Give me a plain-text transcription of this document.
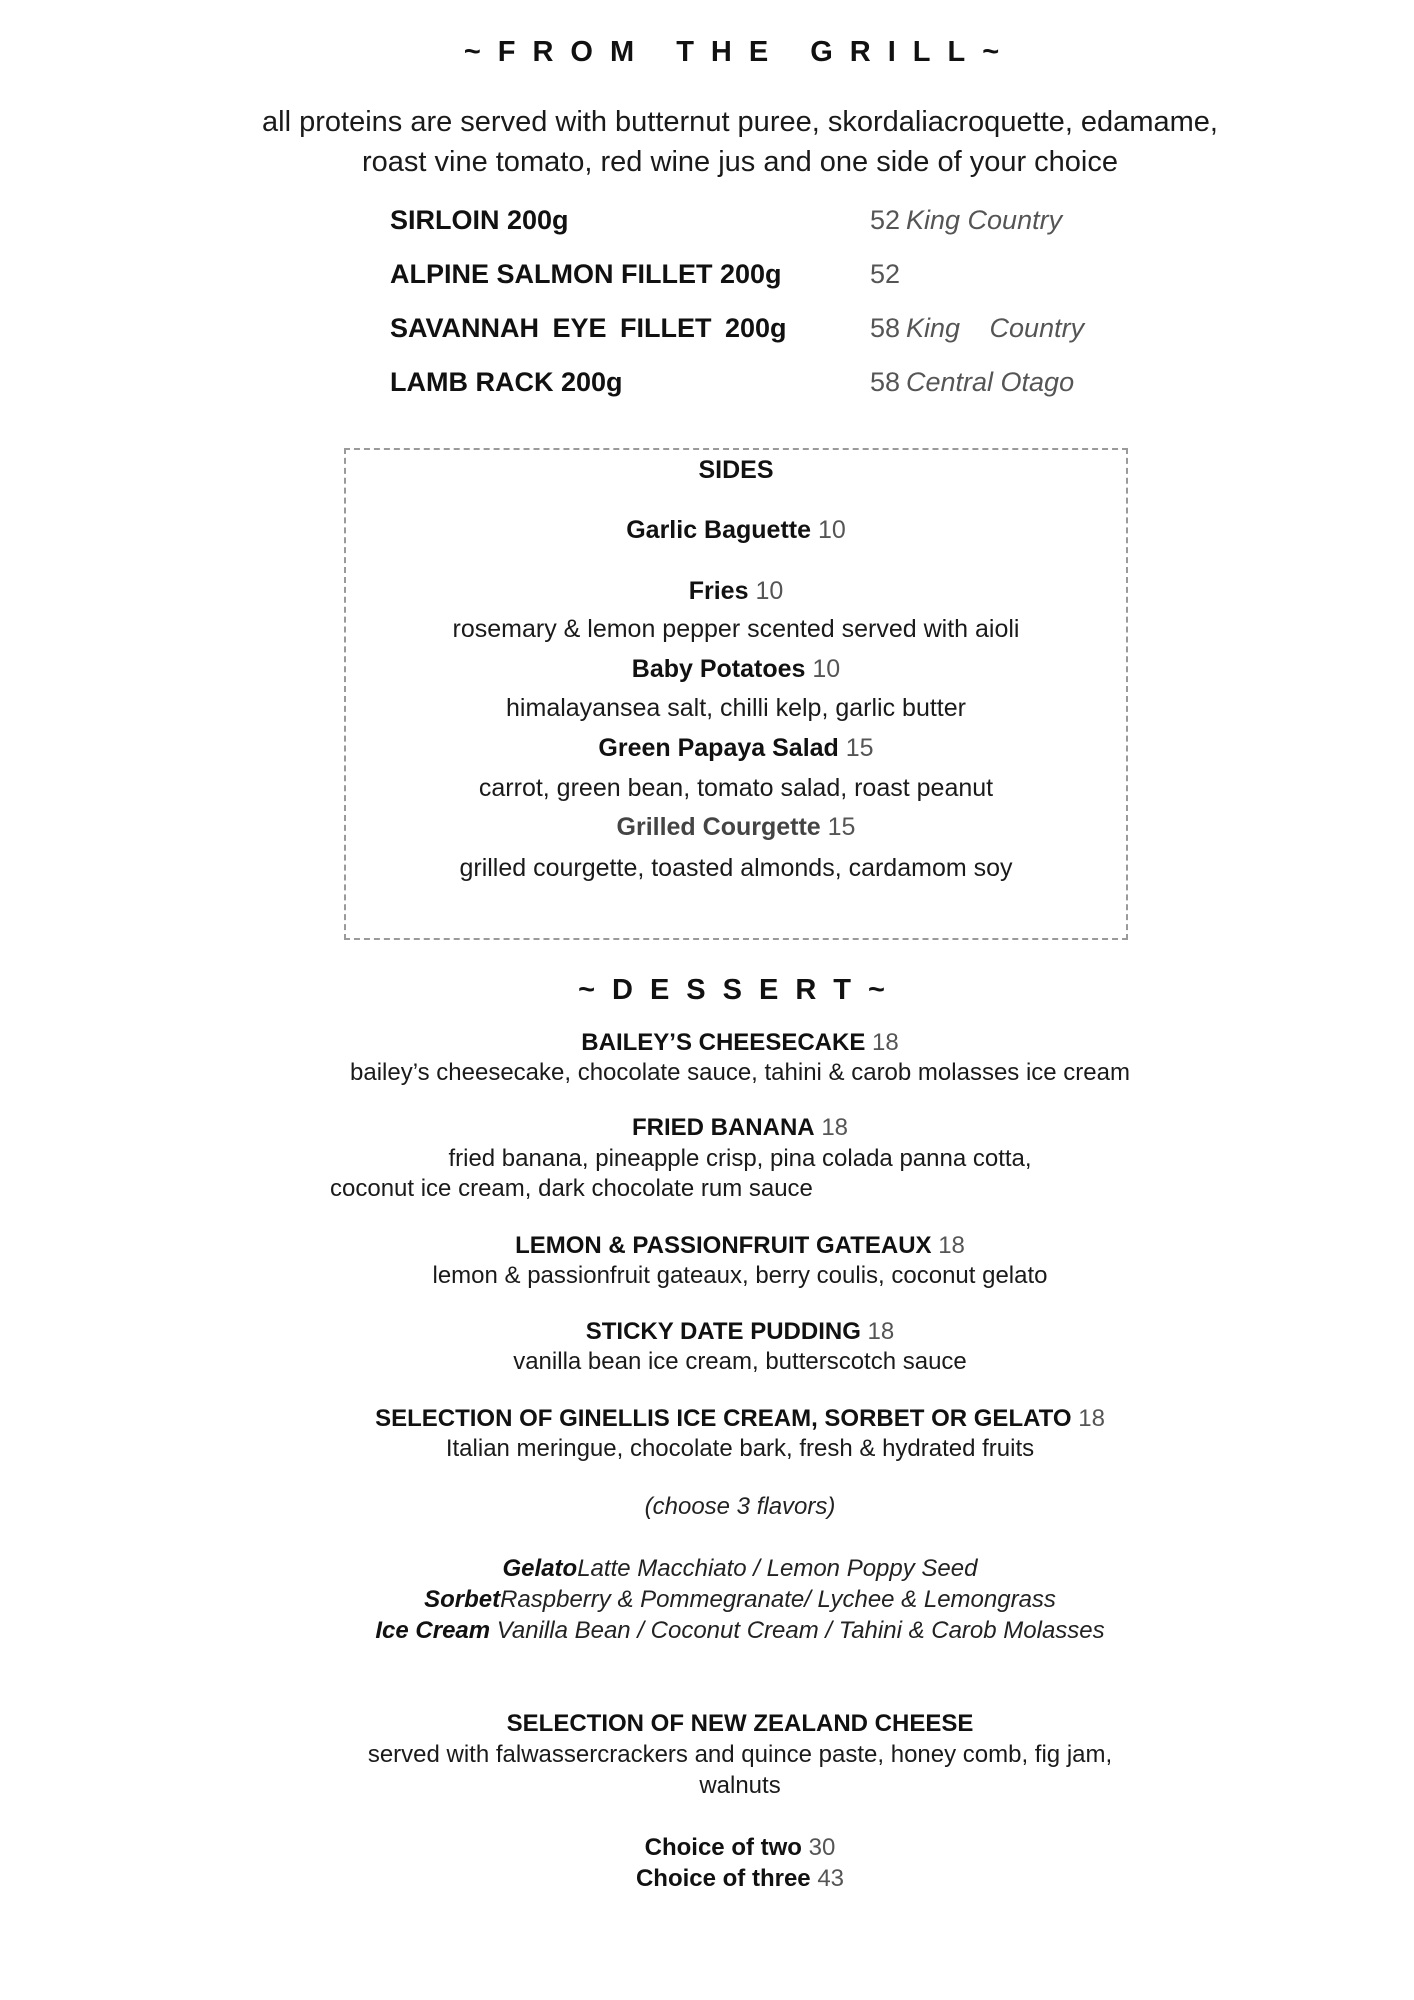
~FROM THE GRILL~
all proteins are served with butternut puree, skordaliacroquette, edamame,
roast vine tomato, red wine jus and one side of your choice
SIRLOIN 200g	52 King Country
ALPINE SALMON FILLET 200g	52
SAVANNAH EYE FILLET 200g	58 King Country
LAMB RACK 200g	58 Central Otago
SIDES
Garlic Baguette 10
Fries 10
rosemary & lemon pepper scented served with aioli
Baby Potatoes 10
himalayansea salt, chilli kelp, garlic butter
Green Papaya Salad 15
carrot, green bean, tomato salad, roast peanut
Grilled Courgette 15
grilled courgette, toasted almonds, cardamom soy
~DESSERT~
BAILEY’S CHEESECAKE 18
bailey’s cheesecake, chocolate sauce, tahini & carob molasses ice cream
FRIED BANANA 18
fried banana, pineapple crisp, pina colada panna cotta,
coconut ice cream, dark chocolate rum sauce
LEMON & PASSIONFRUIT GATEAUX 18
lemon & passionfruit gateaux, berry coulis, coconut gelato
STICKY DATE PUDDING 18
vanilla bean ice cream, butterscotch sauce
SELECTION OF GINELLIS ICE CREAM, SORBET OR GELATO 18
Italian meringue, chocolate bark, fresh & hydrated fruits
(choose 3 flavors)
GelatoLatte Macchiato / Lemon Poppy Seed
SorbetRaspberry & Pommegranate/ Lychee & Lemongrass
Ice Cream Vanilla Bean / Coconut Cream / Tahini & Carob Molasses
SELECTION OF NEW ZEALAND CHEESE
served with falwassercrackers and quince paste, honey comb, fig jam,
walnuts
Choice of two 30
Choice of three 43
